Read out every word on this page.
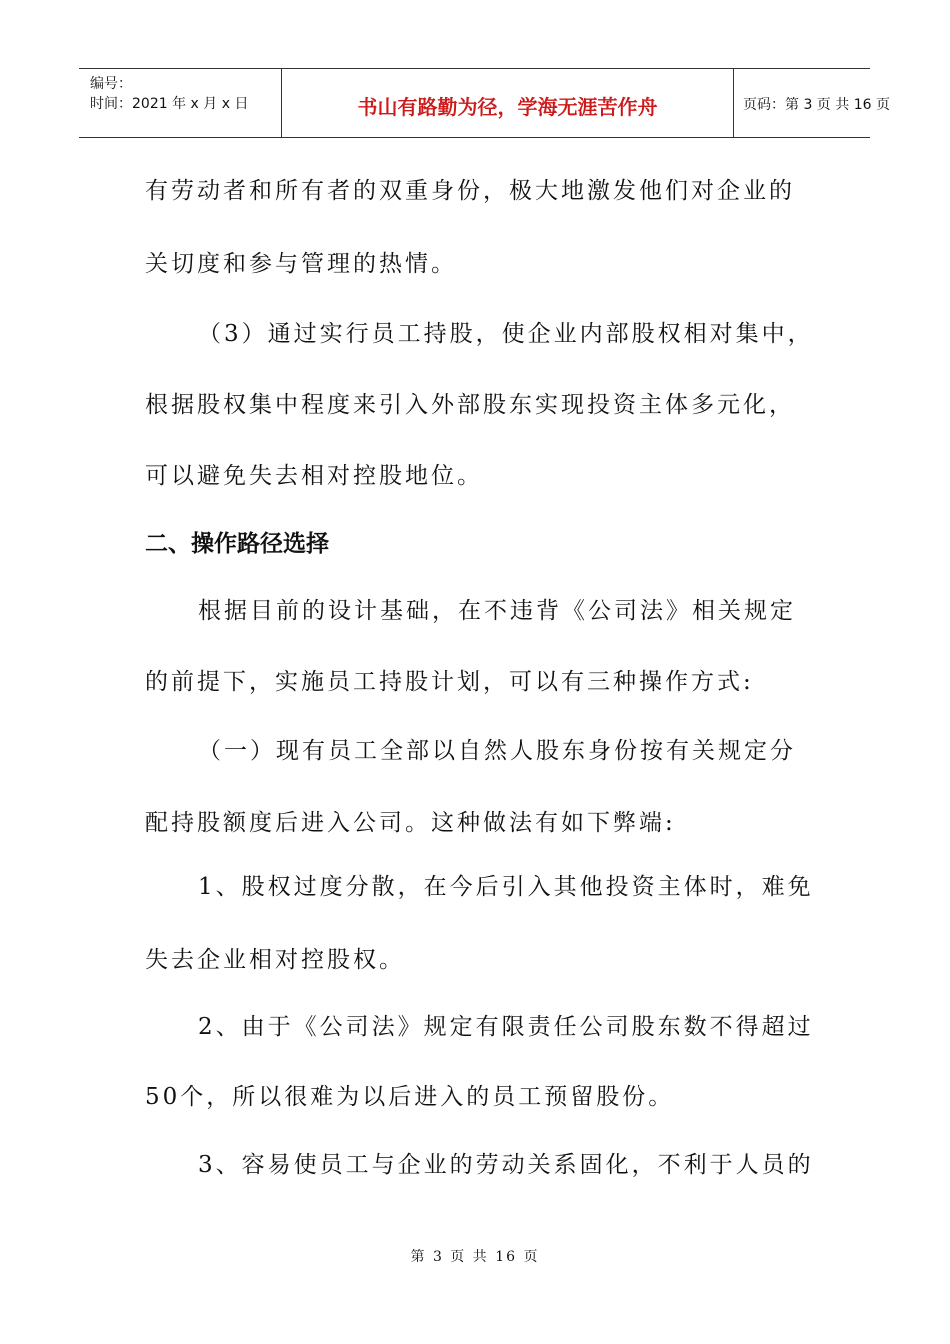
编号：
时间：2021 年 x 月 x 日	书山有路勤为径，学海无涯苦作舟	页码：第 3 页 共 16 页
有劳动者和所有者的双重身份，极大地激发他们对企业的
关切度和参与管理的热情。
（3）通过实行员工持股，使企业内部股权相对集中，
根据股权集中程度来引入外部股东实现投资主体多元化，
可以避免失去相对控股地位。
二、操作路径选择
根据目前的设计基础，在不违背《公司法》相关规定
的前提下，实施员工持股计划，可以有三种操作方式:
（一）现有员工全部以自然人股东身份按有关规定分
配持股额度后进入公司。这种做法有如下弊端:
1、股权过度分散，在今后引入其他投资主体时，难免
失去企业相对控股权。
2、由于《公司法》规定有限责任公司股东数不得超过
50个，所以很难为以后进入的员工预留股份。
3、容易使员工与企业的劳动关系固化，不利于人员的
第 3 页 共 16 页
